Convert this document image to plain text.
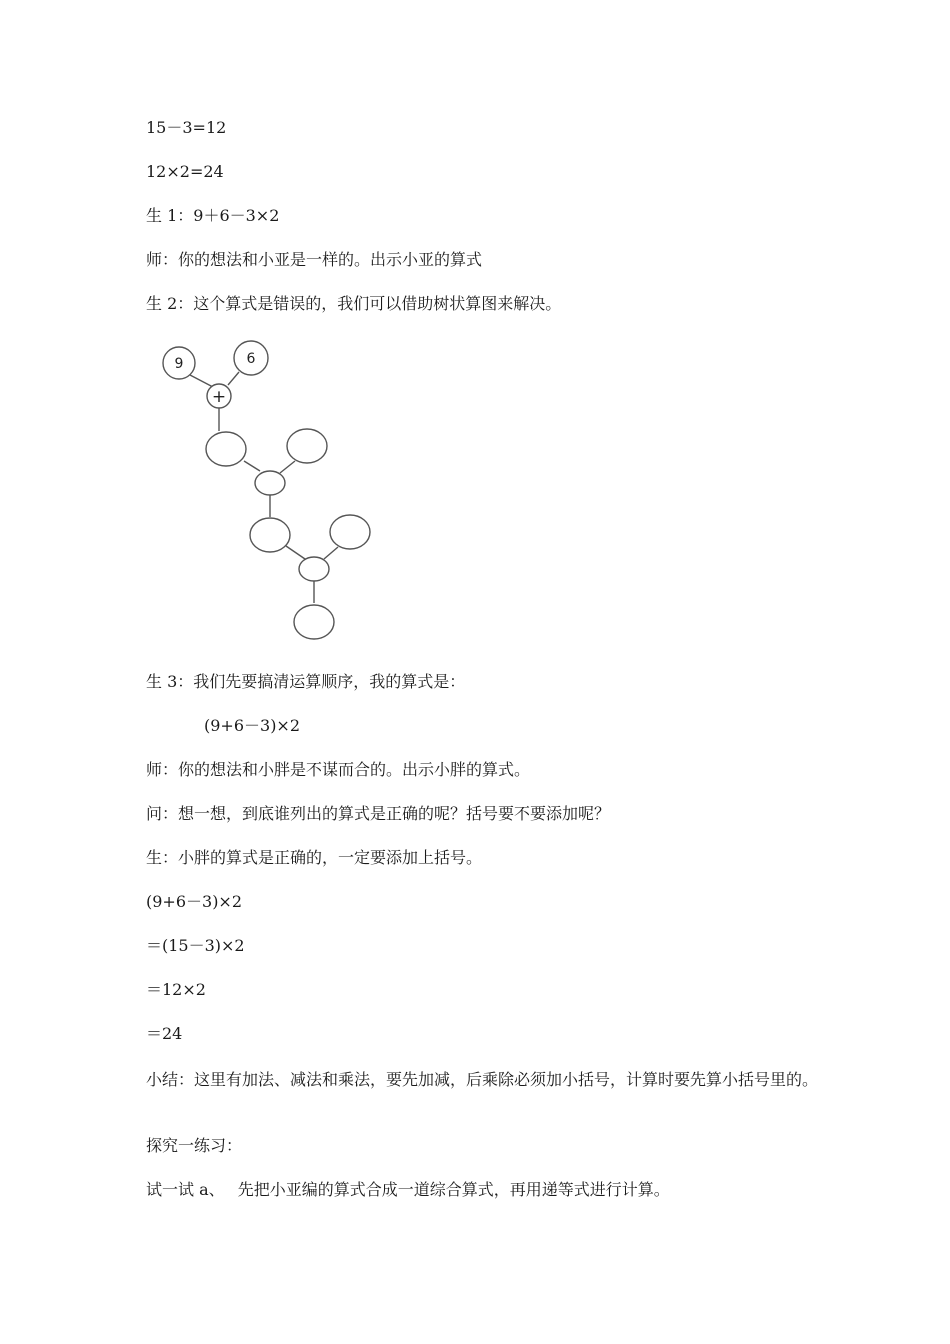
15－3=12
12×2=24
生 1：9＋6－3×2
师：你的想法和小亚是一样的。出示小亚的算式
生 2：这个算式是错误的，我们可以借助树状算图来解决。
9	6
+
生 3：我们先要搞清运算顺序，我的算式是：
(9+6－3)×2
师：你的想法和小胖是不谋而合的。出示小胖的算式。
问：想一想，到底谁列出的算式是正确的呢？括号要不要添加呢？
生：小胖的算式是正确的，一定要添加上括号。
(9+6－3)×2
＝(15－3)×2
＝12×2
＝24
小结：这里有加法、减法和乘法，要先加减，后乘除必须加小括号，计算时要先算小括号里的。
探究一练习：
试一试 a、　 先把小亚编的算式合成一道综合算式，再用递等式进行计算。
